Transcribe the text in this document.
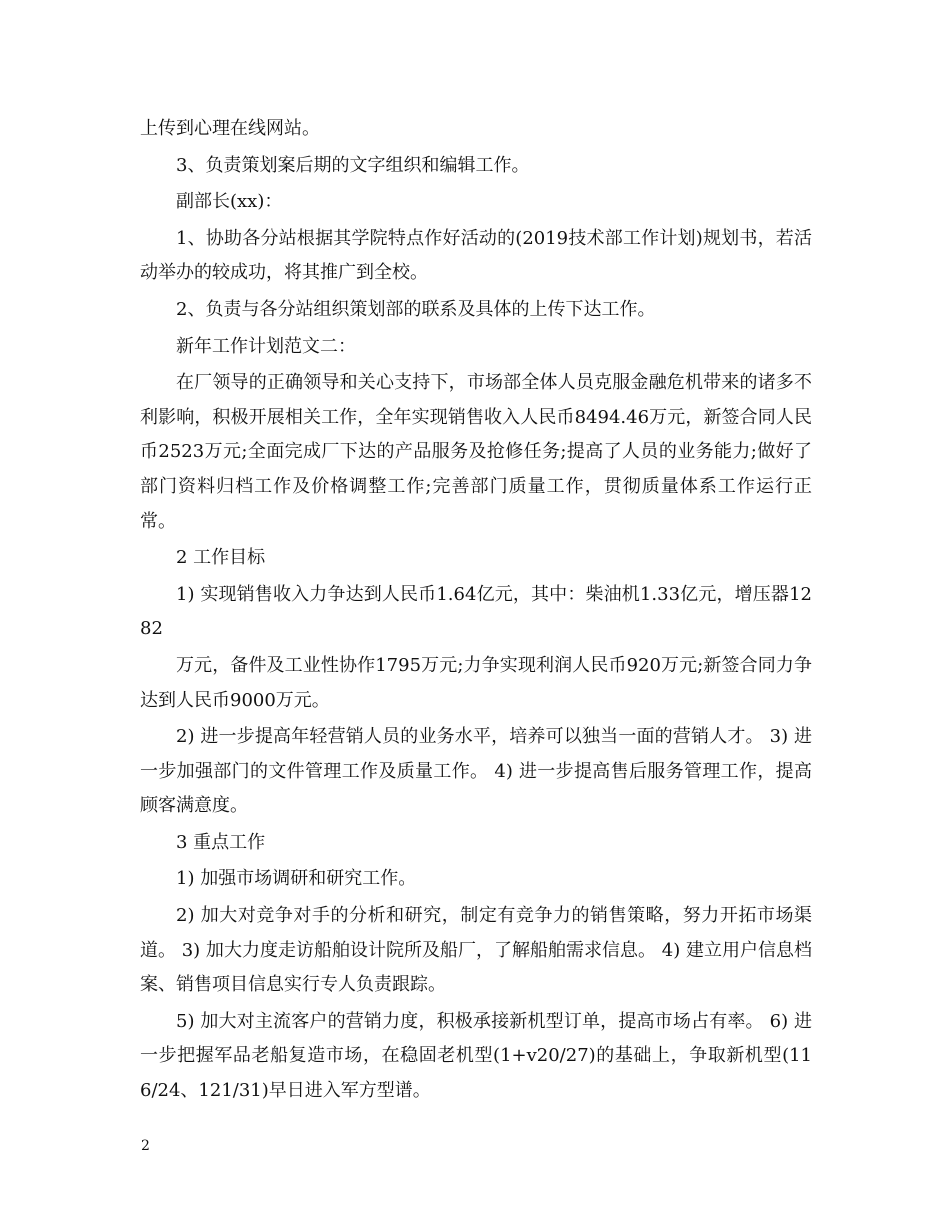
上传到心理在线网站。

3、负责策划案后期的文字组织和编辑工作。

副部长(xx)：

1、协助各分站根据其学院特点作好活动的(2019技术部工作计划)规划书，若活动举办的较成功，将其推广到全校。

2、负责与各分站组织策划部的联系及具体的上传下达工作。

新年工作计划范文二：

在厂领导的正确领导和关心支持下，市场部全体人员克服金融危机带来的诸多不利影响，积极开展相关工作，全年实现销售收入人民币8494.46万元，新签合同人民币2523万元;全面完成厂下达的产品服务及抢修任务;提高了人员的业务能力;做好了部门资料归档工作及价格调整工作;完善部门质量工作，贯彻质量体系工作运行正常。

2 工作目标

1) 实现销售收入力争达到人民币1.64亿元，其中：柴油机1.33亿元，增压器1282

万元，备件及工业性协作1795万元;力争实现利润人民币920万元;新签合同力争达到人民币9000万元。

2) 进一步提高年轻营销人员的业务水平，培养可以独当一面的营销人才。 3) 进一步加强部门的文件管理工作及质量工作。 4) 进一步提高售后服务管理工作，提高顾客满意度。

3 重点工作

1) 加强市场调研和研究工作。

2) 加大对竞争对手的分析和研究，制定有竞争力的销售策略，努力开拓市场渠道。 3) 加大力度走访船舶设计院所及船厂，了解船舶需求信息。 4) 建立用户信息档案、销售项目信息实行专人负责跟踪。

5) 加大对主流客户的营销力度，积极承接新机型订单，提高市场占有率。 6) 进一步把握军品老船复造市场，在稳固老机型(1+v20/27)的基础上，争取新机型(116/24、121/31)早日进入军方型谱。

2
